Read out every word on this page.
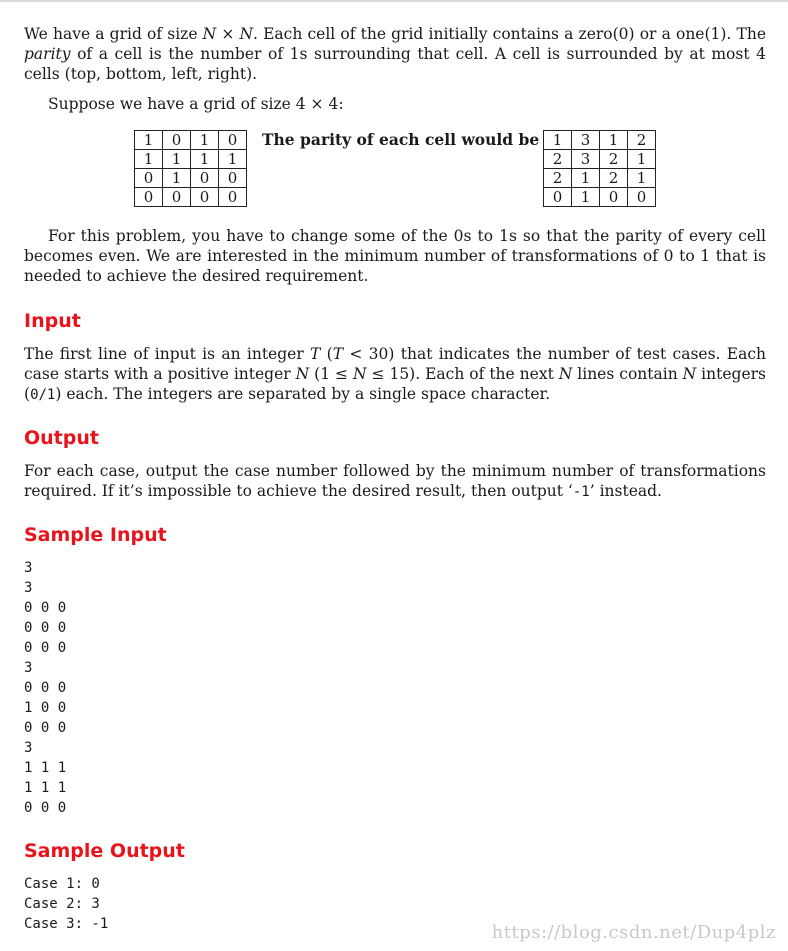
We have a grid of size N × N. Each cell of the grid initially contains a zero(0) or a one(1). The parity of a cell is the number of 1s surrounding that cell. A cell is surrounded by at most 4 cells (top, bottom, left, right).

Suppose we have a grid of size 4 × 4:

1	0	1	0
1	1	1	1
0	1	0	0
0	0	0	0
The parity of each cell would be 1	3	1	2
2	3	2	1
2	1	2	1
0	1	0	0

For this problem, you have to change some of the 0s to 1s so that the parity of every cell becomes even. We are interested in the minimum number of transformations of 0 to 1 that is needed to achieve the desired requirement.

Input

The first line of input is an integer T (T < 30) that indicates the number of test cases. Each case starts with a positive integer N (1 ≤ N ≤ 15). Each of the next N lines contain N integers (0/1) each. The integers are separated by a single space character.

Output

For each case, output the case number followed by the minimum number of transformations required. If it’s impossible to achieve the desired result, then output ‘-1’ instead.

Sample Input
3
3
0 0 0
0 0 0
0 0 0
3
0 0 0
1 0 0
0 0 0
3
1 1 1
1 1 1
0 0 0
Sample Output
Case 1: 0
Case 2: 3
Case 3: -1	https://blog.csdn.net/Dup4plz
